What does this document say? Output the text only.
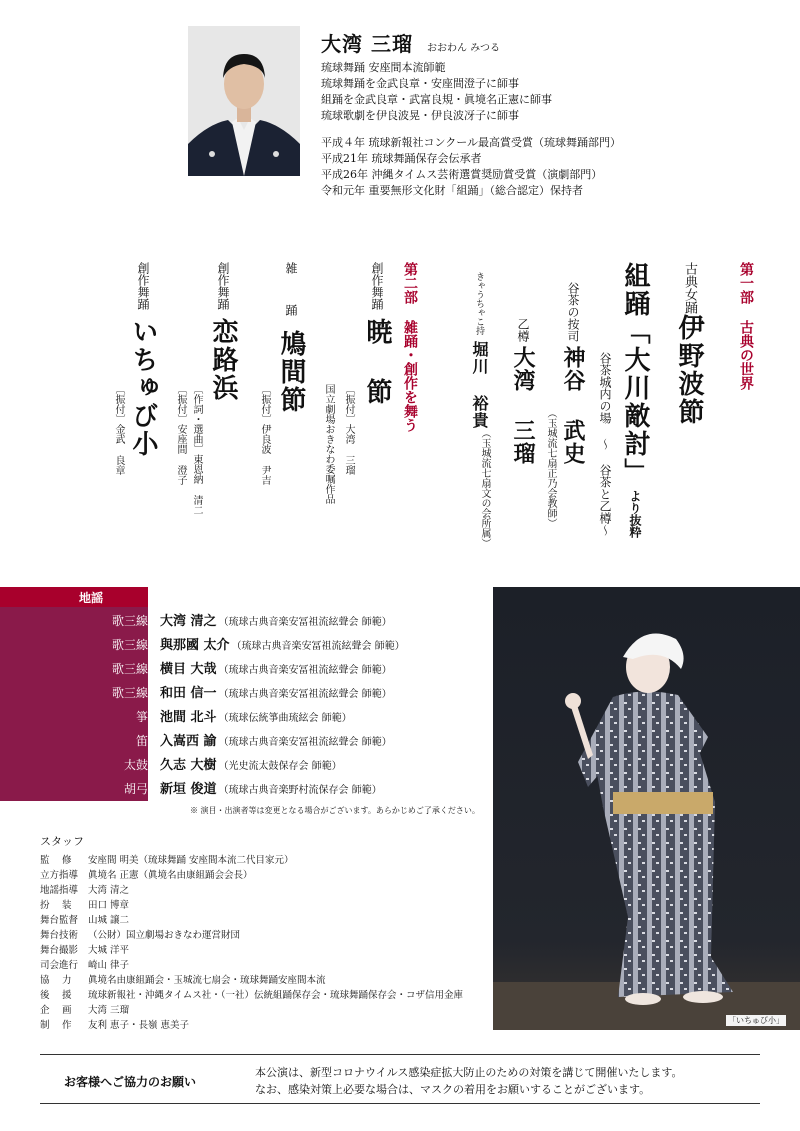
大湾 三瑠 おおわん みつる
琉球舞踊 安座間本流師範
琉球舞踊を金武良章・安座間澄子に師事
組踊を金武良章・武富良規・眞境名正憲に師事
琉球歌劇を伊良波晃・伊良波冴子に師事
平成４年 琉球新報社コンクール最高賞受賞（琉球舞踊部門）
平成21年 琉球舞踊保存会伝承者
平成26年 沖縄タイムス芸術選賞奨励賞受賞（演劇部門）
令和元年 重要無形文化財「組踊」（総合認定）保持者
第一部 古典の世界
古典女踊伊野波節
組踊「大川敵討」より抜粋
谷茶城内の場 ～ 谷茶と乙樽～
谷茶の按司神谷 武史
（玉城流七扇正乃会教師）
乙樽大湾 三瑠
きゃうちゃこ持堀川 裕貴
（玉城流七扇文の会所属）
第二部 雑踊・創作を舞う
創作舞踊暁 節
〔振付〕大湾 三瑠
国立劇場おきなわ委嘱作品
雑 踊鳩間節
〔振付〕伊良波 尹吉
創作舞踊恋路浜
〔作詞・選曲〕東恩納 清二
〔振付〕安座間 澄子
創作舞踊いちゅび小
〔振付〕金武 良章
地謡
歌三線 大湾 清之 （琉球古典音楽安冨祖流絃聲会 師範）
歌三線 與那國 太介 （琉球古典音楽安冨祖流絃聲会 師範）
歌三線 横目 大哉 （琉球古典音楽安冨祖流絃聲会 師範）
歌三線 和田 信一 （琉球古典音楽安冨祖流絃聲会 師範）
箏 池間 北斗 （琉球伝統箏曲琉絃会 師範）
笛 入嵩西 諭 （琉球古典音楽安冨祖流絃聲会 師範）
太鼓 久志 大樹 （光史流太鼓保存会 師範）
胡弓 新垣 俊道 （琉球古典音楽野村流保存会 師範）
※ 演目・出演者等は変更となる場合がございます。あらかじめご了承ください。
スタッフ
監　 修 安座間 明美（琉球舞踊 安座間本流二代目家元）
立方指導 眞境名 正憲（眞境名由康組踊会会長）
地謡指導 大湾 清之
扮　 装 田口 博章
舞台監督 山城 譲二
舞台技術 （公財）国立劇場おきなわ運営財団
舞台撮影 大城 洋平
司会進行 崎山 律子
協　 力 眞境名由康組踊会・玉城流七扇会・琉球舞踊安座間本流
後　 援 琉球新報社・沖縄タイムス社・（一社）伝統組踊保存会・琉球舞踊保存会・コザ信用金庫
企　 画 大湾 三瑠
制　 作 友利 恵子・長嶺 恵美子	「いちゅび小」
お客様へご協力のお願い
本公演は、新型コロナウイルス感染症拡大防止のための対策を講じて開催いたします。
なお、感染対策上必要な場合は、マスクの着用をお願いすることがございます。
